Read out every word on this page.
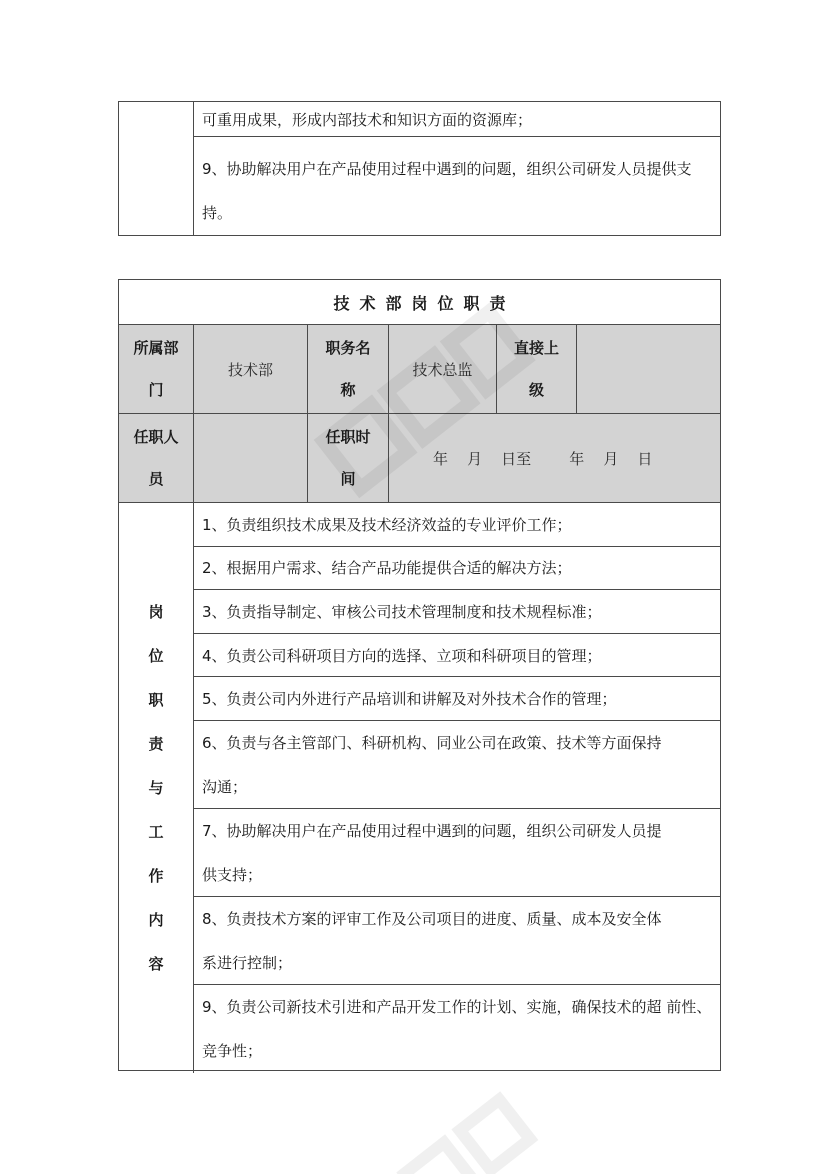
可重用成果，形成内部技术和知识方面的资源库；
9、协助解决用户在产品使用过程中遇到的问题，组织公司研发人员提供支持。
技术部岗位职责
所属部
门
技术部
职务名
称
技术总监
直接上
级
任职人
员
任职时
间
年    月    日至        年    月    日
岗
位
职
责
与
工
作
内
容
1、负责组织技术成果及技术经济效益的专业评价工作；
2、根据用户需求、结合产品功能提供合适的解决方法；
3、负责指导制定、审核公司技术管理制度和技术规程标准；
4、负责公司科研项目方向的选择、立项和科研项目的管理；
5、负责公司内外进行产品培训和讲解及对外技术合作的管理；
6、负责与各主管部门、科研机构、同业公司在政策、技术等方面保持
沟通；
7、协助解决用户在产品使用过程中遇到的问题，组织公司研发人员提
供支持；
8、负责技术方案的评审工作及公司项目的进度、质量、成本及安全体
系进行控制；
9、负责公司新技术引进和产品开发工作的计划、实施，确保技术的超 前性、竞争性；
